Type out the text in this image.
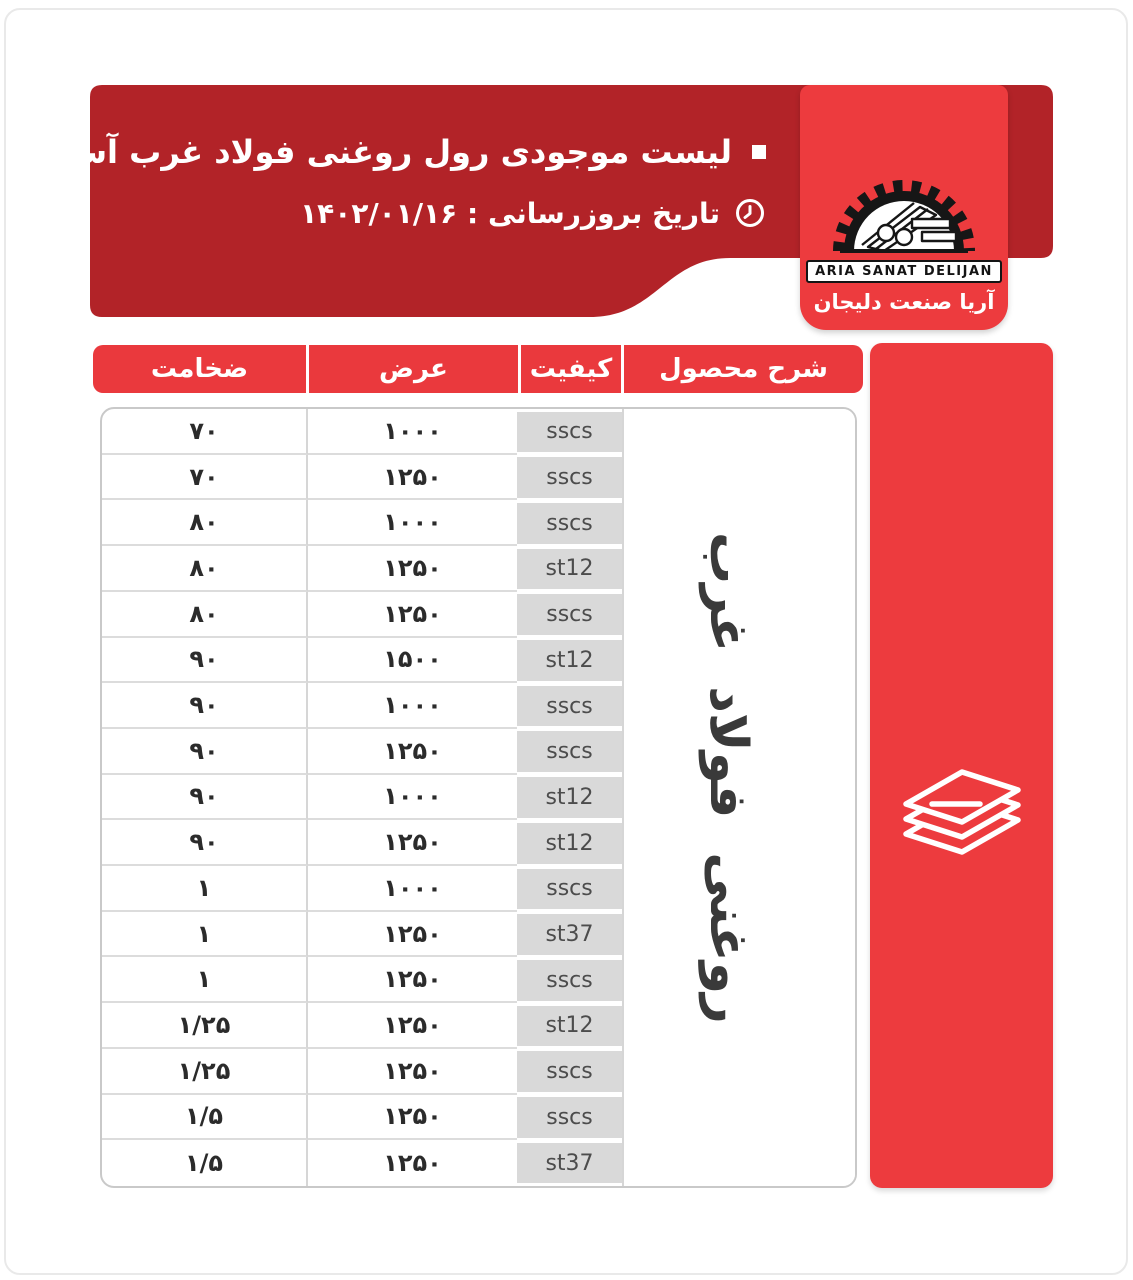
لیست موجودی رول روغنی فولاد غرب آسیا
تاریخ بروزرسانی : ۱۴۰۲/۰۱/۱۶
ARIA SANAT DELIJAN
آریا صنعت دلیجان
ضخامت	عرض	کیفیت	شرح محصول
۷۰	۱۰۰۰	sscs
۷۰	۱۲۵۰	sscs
۸۰	۱۰۰۰	sscs
۸۰	۱۲۵۰	st12
۸۰	۱۲۵۰	sscs
۹۰	۱۵۰۰	st12
۹۰	۱۰۰۰	sscs
۹۰	۱۲۵۰	sscs
۹۰	۱۰۰۰	st12
۹۰	۱۲۵۰	st12
۱	۱۰۰۰	sscs
۱	۱۲۵۰	st37
۱	۱۲۵۰	sscs
۱/۲۵	۱۲۵۰	st12
۱/۲۵	۱۲۵۰	sscs
۱/۵	۱۲۵۰	sscs
۱/۵	۱۲۵۰	st37
روغنی فولاد غرب
